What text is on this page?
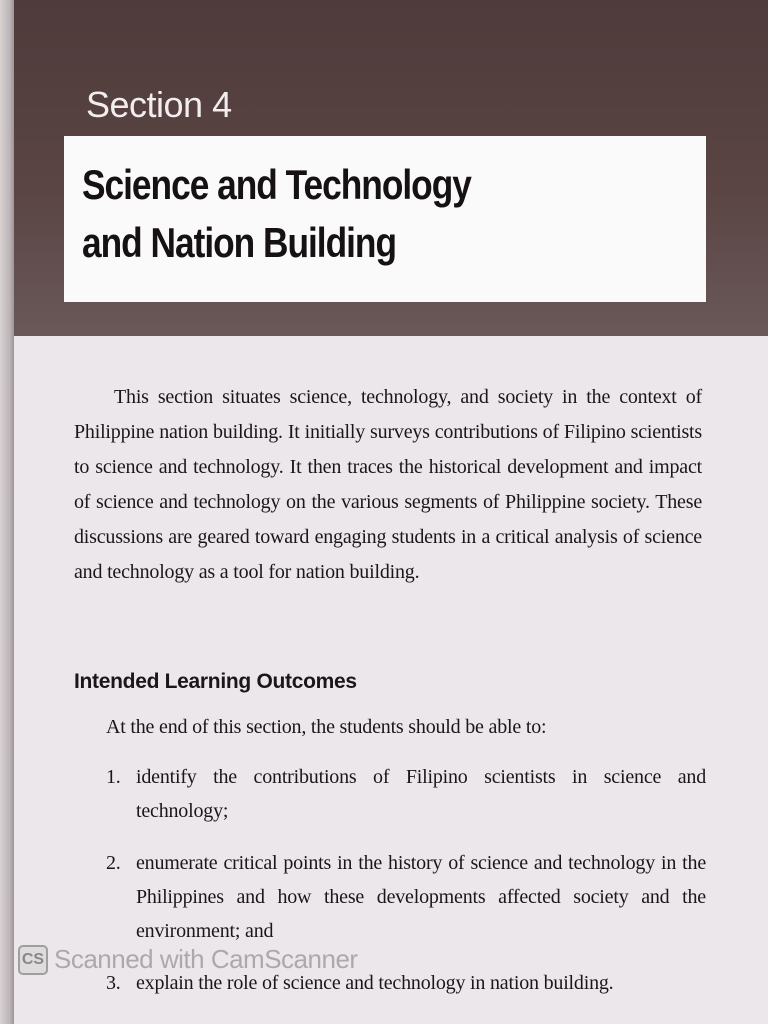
Section 4
Science and Technology
and Nation Building

This section situates science, technology, and society in the context of Philippine nation building. It initially surveys contributions of Filipino scientists to science and technology. It then traces the historical development and impact of science and technology on the various segments of Philippine society. These discussions are geared toward engaging students in a critical analysis of science and technology as a tool for nation building.

Intended Learning Outcomes

At the end of this section, the students should be able to:

1. identify the contributions of Filipino scientists in science and technology;
2. enumerate critical points in the history of science and technology in the Philippines and how these developments affected society and the environment; and
3. explain the role of science and technology in nation building.
CS Scanned with CamScanner
